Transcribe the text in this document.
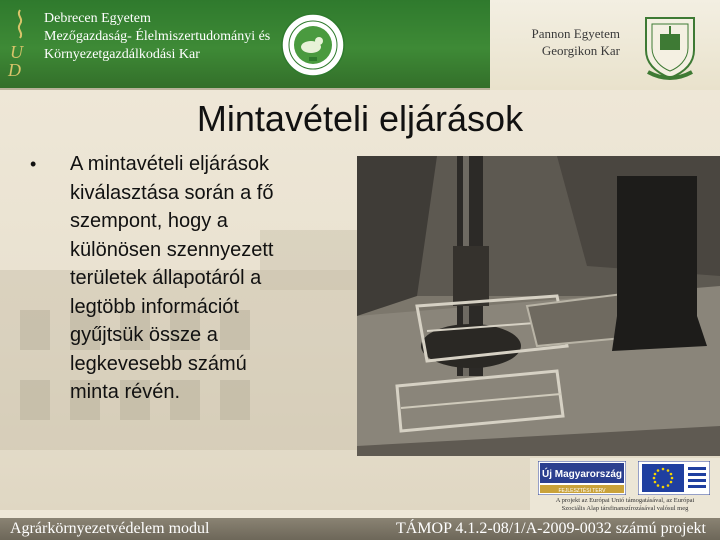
U
D
Debrecen Egyetem
Mezőgazdaság- Élelmiszertudományi és
Környezetgazdálkodási Kar
Pannon Egyetem
Georgikon Kar
Mintavételi eljárások
• A mintavételi eljárások
kiválasztása során a fő
szempont, hogy a
különösen szennyezett
területek állapotáról a
legtöbb információt
gyűjtsük össze a
legkevesebb számú
minta révén.
Új Magyarország
FEJLESZTÉSI TERV
A projekt az Európai Unió támogatásával, az Európai
Szociális Alap társfinanszírozásával valósul meg
Agrárkörnyezetvédelem modul	TÁMOP 4.1.2-08/1/A-2009-0032 számú projekt
